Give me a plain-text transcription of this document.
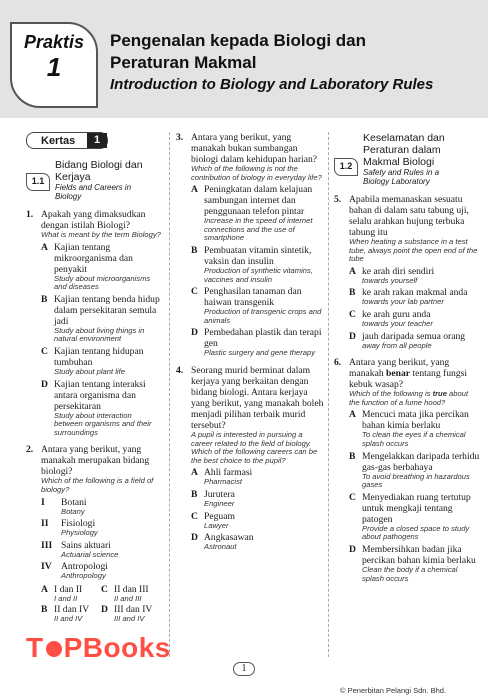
Praktis
1
Pengenalan kepada Biologi dan
Peraturan Makmal
Introduction to Biology and Laboratory Rules
Kertas	1
1.1
Bidang Biologi dan
Kerjaya
Fields and Careers in
Biology
1. Apakah yang dimaksudkan dengan istilah Biologi?
What is meant by the term Biology?
A Kajian tentang mikroorganisma dan penyakit
Study about microorganisms and diseases
B Kajian tentang benda hidup dalam persekitaran semula jadi
Study about living things in natural environment
C Kajian tentang hidupan tumbuhan
Study about plant life
D Kajian tentang interaksi antara organisma dan persekitaran
Study about interaction between organisms and their surroundings
2. Antara yang berikut, yang manakah merupakan bidang biologi?
Which of the following is a field of biology?
I	Botani
Botany
II	Fisiologi
Physiology
III Sains aktuari
Actuarial science
IV Antropologi
Anthropology
A I dan II
I and II
C II dan III
II and III
B II dan IV
II and IV
D III dan IV
III and IV
3. Antara yang berikut, yang manakah bukan sumbangan biologi dalam kehidupan harian?
Which of the following is not the contribution of biology in everyday life?
A Peningkatan dalam kelajuan sambungan internet dan penggunaan telefon pintar
Increase in the speed of internet connections and the use of smartphone
B Pembuatan vitamin sintetik, vaksin dan insulin
Production of synthetic vitamins, vaccines and insulin
C Penghasilan tanaman dan haiwan transgenik
Production of transgenic crops and animals
D Pembedahan plastik dan terapi gen
Plastic surgery and gene therapy
4. Seorang murid berminat dalam kerjaya yang berkaitan dengan bidang biologi. Antara kerjaya yang berikut, yang manakah boleh menjadi pilihan terbaik murid tersebut?
A pupil is interested in pursuing a career related to the field of biology. Which of the following careers can be the best choice to the pupil?
A Ahli farmasi
Pharmacist
B Jurutera
Engineer
C Peguam
Lawyer
D Angkasawan
Astronaut
1.2
Keselamatan dan
Peraturan dalam
Makmal Biologi
Safety and Rules in a
Biology Laboratory
5. Apabila memanaskan sesuatu bahan di dalam satu tabung uji, selalu arahkan hujung terbuka tabung itu
When heating a substance in a test tube, always point the open end of the tube
A ke arah diri sendiri
towards yourself
B ke arah rakan makmal anda
towards your lab partner
C ke arah guru anda
towards your teacher
D jauh daripada semua orang
away from all people
6. Antara yang berikut, yang manakah benar tentang fungsi kebuk wasap?
Which of the following is true about the function of a fume hood?
A Mencuci mata jika percikan bahan kimia berlaku
To clean the eyes if a chemical splash occurs
B Mengelakkan daripada terhidu gas-gas berbahaya
To avoid breathing in hazardous gases
C Menyediakan ruang tertutup untuk mengkaji tentang patogen
Provide a closed space to study about pathogens
D Membersihkan badan jika percikan bahan kimia berlaku
Clean the body if a chemical splash occurs
T PBooks
1
© Penerbitan Pelangi Sdn. Bhd.
